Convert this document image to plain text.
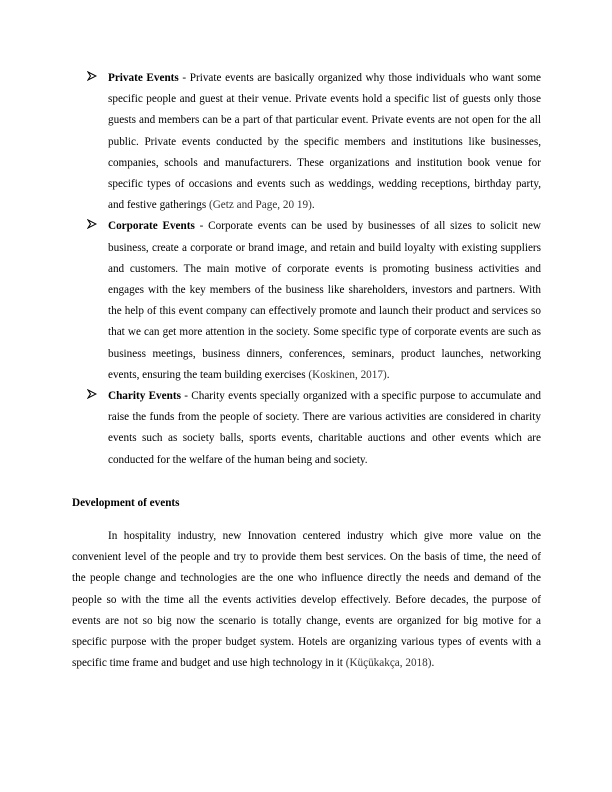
Private Events - Private events are basically organized why those individuals who want some specific people and guest at their venue. Private events hold a specific list of guests only those guests and members can be a part of that particular event. Private events are not open for the all public. Private events conducted by the specific members and institutions like businesses, companies, schools and manufacturers. These organizations and institution book venue for specific types of occasions and events such as weddings, wedding receptions, birthday party, and festive gatherings (Getz and Page, 20 19).

Corporate Events - Corporate events can be used by businesses of all sizes to solicit new business, create a corporate or brand image, and retain and build loyalty with existing suppliers and customers. The main motive of corporate events is promoting business activities and engages with the key members of the business like shareholders, investors and partners. With the help of this event company can effectively promote and launch their product and services so that we can get more attention in the society. Some specific type of corporate events are such as business meetings, business dinners, conferences, seminars, product launches, networking events, ensuring the team building exercises (Koskinen, 2017).

Charity Events - Charity events specially organized with a specific purpose to accumulate and raise the funds from the people of society. There are various activities are considered in charity events such as society balls, sports events, charitable auctions and other events which are conducted for the welfare of the human being and society.

Development of events

In hospitality industry, new Innovation centered industry which give more value on the convenient level of the people and try to provide them best services. On the basis of time, the need of the people change and technologies are the one who influence directly the needs and demand of the people so with the time all the events activities develop effectively. Before decades, the purpose of events are not so big now the scenario is totally change, events are organized for big motive for a specific purpose with the proper budget system. Hotels are organizing various types of events with a specific time frame and budget and use high technology in it (Küçükakça, 2018).
